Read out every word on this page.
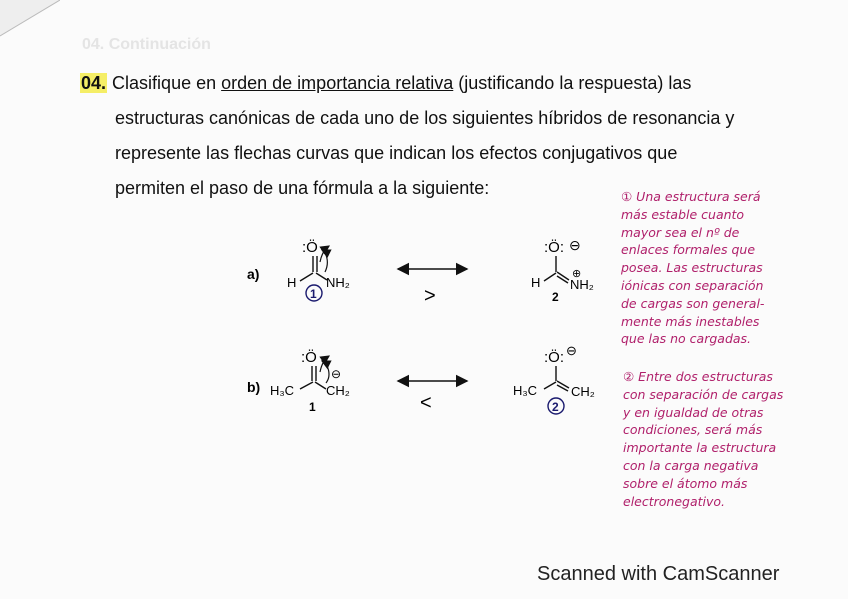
04. Continuación
04. Clasifique en orden de importancia relativa (justificando la respuesta) las
estructuras canónicas de cada uno de los siguientes híbridos de resonancia y
represente las flechas curvas que indican los efectos conjugativos que
permiten el paso de una fórmula a la siguiente:
a)
:Ö
H NH₂
1	>
:Ö: ⊖
H
⊕
NH₂
2
b)
:Ö
H₃C CH₂
⊖
1	<
:Ö: ⊖
H₃C	CH₂
2
① Una estructura será
más estable cuanto
mayor sea el nº de
enlaces formales que
posea. Las estructuras
iónicas con separación
de cargas son general-
mente más inestables
que las no cargadas.
② Entre dos estructuras
con separación de cargas
y en igualdad de otras
condiciones, será más
importante la estructura
con la carga negativa
sobre el átomo más
electronegativo.
Scanned with CamScanner
